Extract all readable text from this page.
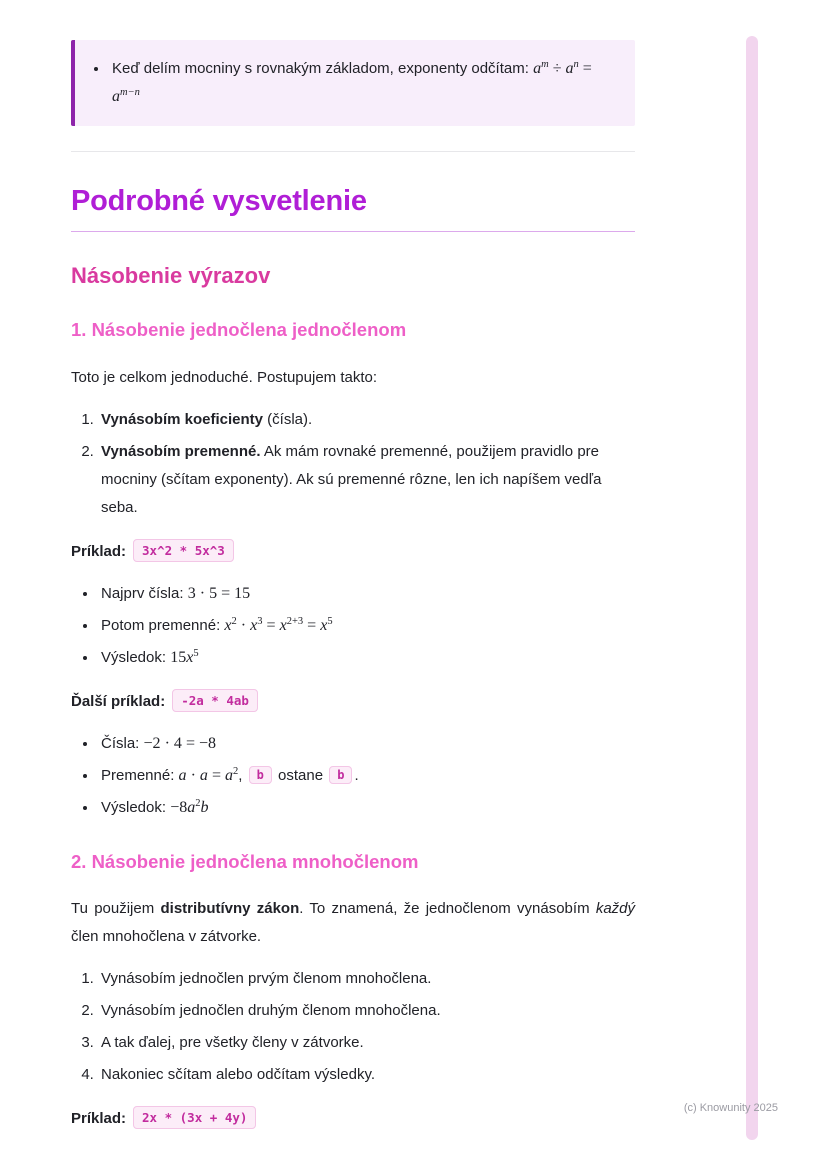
• Keď delím mocniny s rovnakým základom, exponenty odčítam: $a^m \div a^n = a^{m-n}$
Podrobné vysvetlenie
Násobenie výrazov
1. Násobenie jednočlena jednočlenom

Toto je celkom jednoduché. Postupujem takto:

1. Vynásobím koeficienty (čísla).
2. Vynásobím premenné. Ak mám rovnaké premenné, použijem pravidlo pre mocniny (sčítam exponenty). Ak sú premenné rôzne, len ich napíšem vedľa seba.

Príklad: 3x^2 * 5x^3

• Najprv čísla: 3 · 5 = 15
• Potom premenné: $x^2 \cdot x^3 = x^{2+3} = x^5$
• Výsledok: $15x^5$

Ďalší príklad: -2a * 4ab

• Čísla: −2 · 4 = −8
• Premenné: $a \cdot a = a^2$, b ostane b .
• Výsledok: $-8a^2b$
2. Násobenie jednočlena mnohočlenom

Tu použijem distributívny zákon. To znamená, že jednočlenom vynásobím každý člen mnohočlena v zátvorke.

1. Vynásobím jednočlen prvým členom mnohočlena.
2. Vynásobím jednočlen druhým členom mnohočlena.
3. A tak ďalej, pre všetky členy v zátvorke.
4. Nakoniec sčítam alebo odčítam výsledky.

Príklad: 2x * (3x + 4y)

(c) Knowunity 2025
